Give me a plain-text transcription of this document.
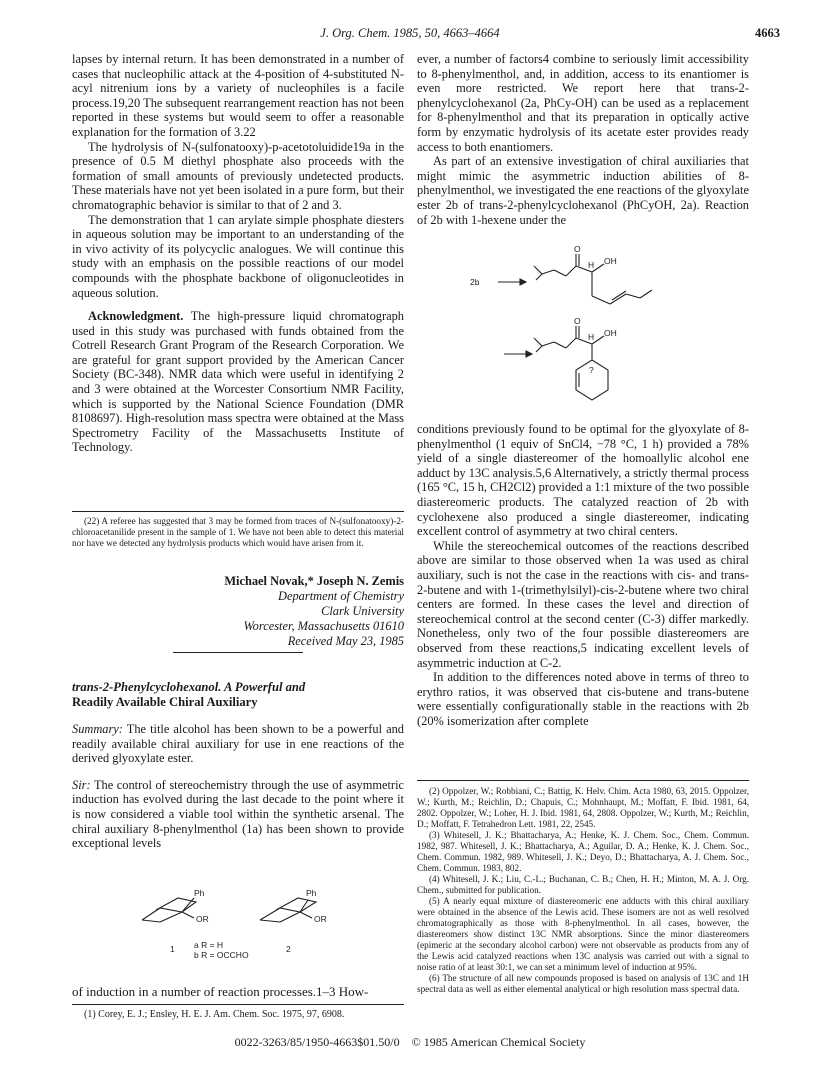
J. Org. Chem. 1985, 50, 4663–4664	4663

lapses by internal return. It has been demonstrated in a number of cases that nucleophilic attack at the 4-position of 4-substituted N-acyl nitrenium ions by a variety of nucleophiles is a facile process.19,20 The subsequent rearrangement reaction has not been reported in these systems but would seem to offer a reasonable explanation for the formation of 3.22

The hydrolysis of N-(sulfonatooxy)-p-acetotoluidide19a in the presence of 0.5 M diethyl phosphate also proceeds with the formation of small amounts of previously undetected products. These materials have not yet been isolated in a pure form, but their chromatographic behavior is similar to that of 2 and 3.

The demonstration that 1 can arylate simple phosphate diesters in aqueous solution may be important to an understanding of the in vivo activity of its polycyclic analogues. We will continue this study with an emphasis on the possible reactions of our model compounds with the phosphate backbone of oligonucleotides in aqueous solution.

Acknowledgment. The high-pressure liquid chromatograph used in this study was purchased with funds obtained from the Cotrell Research Grant Program of the Research Corporation. We are grateful for grant support provided by the American Cancer Society (BC-348). NMR data which were useful in identifying 2 and 3 were obtained at the Worcester Consortium NMR Facility, which is supported by the National Science Foundation (DMR 8108697). High-resolution mass spectra were obtained at the Mass Spectrometry Facility of the Massachusetts Institute of Technology.

(22) A referee has suggested that 3 may be formed from traces of N-(sulfonatooxy)-2-chloroacetanilide present in the sample of 1. We have not been able to detect this material nor have we detected any hydrolysis products which would have arisen from it.

Michael Novak,* Joseph N. Zemis
Department of Chemistry
Clark University
Worcester, Massachusetts 01610
Received May 23, 1985
trans-2-Phenylcyclohexanol. A Powerful and
Readily Available Chiral Auxiliary

Summary: The title alcohol has been shown to be a powerful and readily available chiral auxiliary for use in ene reactions of the derived glyoxylate ester.

Sir: The control of stereochemistry through the use of asymmetric induction has evolved during the last decade to the point where it is now considered a viable tool within the synthetic arsenal. The chiral auxiliary 8-phenylmenthol (1a) has been shown to provide exceptional levels

Ph
OR
Ph
OR
1 a R = H
b R = OCCHO
2

of induction in a number of reaction processes.1–3 How-

(1) Corey, E. J.; Ensley, H. E. J. Am. Chem. Soc. 1975, 97, 6908.

ever, a number of factors4 combine to seriously limit accessibility to 8-phenylmenthol, and, in addition, access to its enantiomer is even more restricted. We report here that trans-2-phenylcyclohexanol (2a, PhCy-OH) can be used as a replacement for 8-phenylmenthol and that its preparation in optically active form by enzymatic hydrolysis of its acetate ester provides ready access to both enantiomers.

As part of an extensive investigation of chiral auxiliaries that might mimic the asymmetric induction abilities of 8-phenylmenthol, we investigated the ene reactions of the glyoxylate ester 2b of trans-2-phenylcyclohexanol (PhCyOH, 2a). Reaction of 2b with 1-hexene under the

2b
O
H OH
O
H OH
?

conditions previously found to be optimal for the glyoxylate of 8-phenylmenthol (1 equiv of SnCl4, −78 °C, 1 h) provided a 78% yield of a single diastereomer of the homoallylic alcohol ene adduct by 13C analysis.5,6 Alternatively, a strictly thermal process (165 °C, 15 h, CH2Cl2) provided a 1:1 mixture of the two possible diastereomeric products. The catalyzed reaction of 2b with cyclohexene also produced a single diastereomer, indicating excellent control of asymmetry at two chiral centers.

While the stereochemical outcomes of the reactions described above are similar to those observed when 1a was used as chiral auxiliary, such is not the case in the reactions with cis- and trans-2-butene and with 1-(trimethylsilyl)-cis-2-butene where two chiral centers are formed. In these cases the level and direction of stereochemical control at the second center (C-3) differ markedly. Nonetheless, only two of the four possible diastereomers are observed from these reactions,5 indicating excellent levels of asymmetric induction at C-2.

In addition to the differences noted above in terms of threo to erythro ratios, it was observed that cis-butene and trans-butene were essentially configurationally stable in the reactions with 2b (20% isomerization after complete

(2) Oppolzer, W.; Robbiani, C.; Battig, K. Helv. Chim. Acta 1980, 63, 2015. Oppolzer, W.; Kurth, M.; Reichlin, D.; Chapuis, C.; Mohnhaupt, M.; Moffatt, F. Ibid. 1981, 64, 2802. Oppolzer, W.; Loher, H. J. Ibid. 1981, 64, 2808. Oppolzer, W.; Kurth, M.; Reichlin, D.; Moffatt, F. Tetrahedron Lett. 1981, 22, 2545.

(3) Whitesell, J. K.; Bhattacharya, A.; Henke, K. J. Chem. Soc., Chem. Commun. 1982, 987. Whitesell, J. K.; Bhattacharya, A.; Aguilar, D. A.; Henke, K. J. Chem. Soc., Chem. Commun. 1982, 989. Whitesell, J. K.; Deyo, D.; Bhattacharya, A. J. Chem. Soc., Chem. Commun. 1983, 802.

(4) Whitesell, J. K.; Liu, C.-L.; Buchanan, C. B.; Chen, H. H.; Minton, M. A. J. Org. Chem., submitted for publication.

(5) A nearly equal mixture of diastereomeric ene adducts with this chiral auxiliary were obtained in the absence of the Lewis acid. These isomers are not as well resolved chromatographically as those with 8-phenylmenthol. In all cases, however, the diastereomers show distinct 13C NMR absorptions. Since the minor diastereomers (epimeric at the secondary alcohol carbon) were not observable as products from any of the Lewis acid catalyzed reactions when 13C analysis was carried out with a signal to noise ratio of at least 30:1, we can set a minimum level of induction at 95%.

(6) The structure of all new compounds proposed is based on analysis of 13C and 1H spectral data as well as either elemental analytical or high resolution mass spectral data.

0022-3263/85/1950-4663$01.50/0 © 1985 American Chemical Society
